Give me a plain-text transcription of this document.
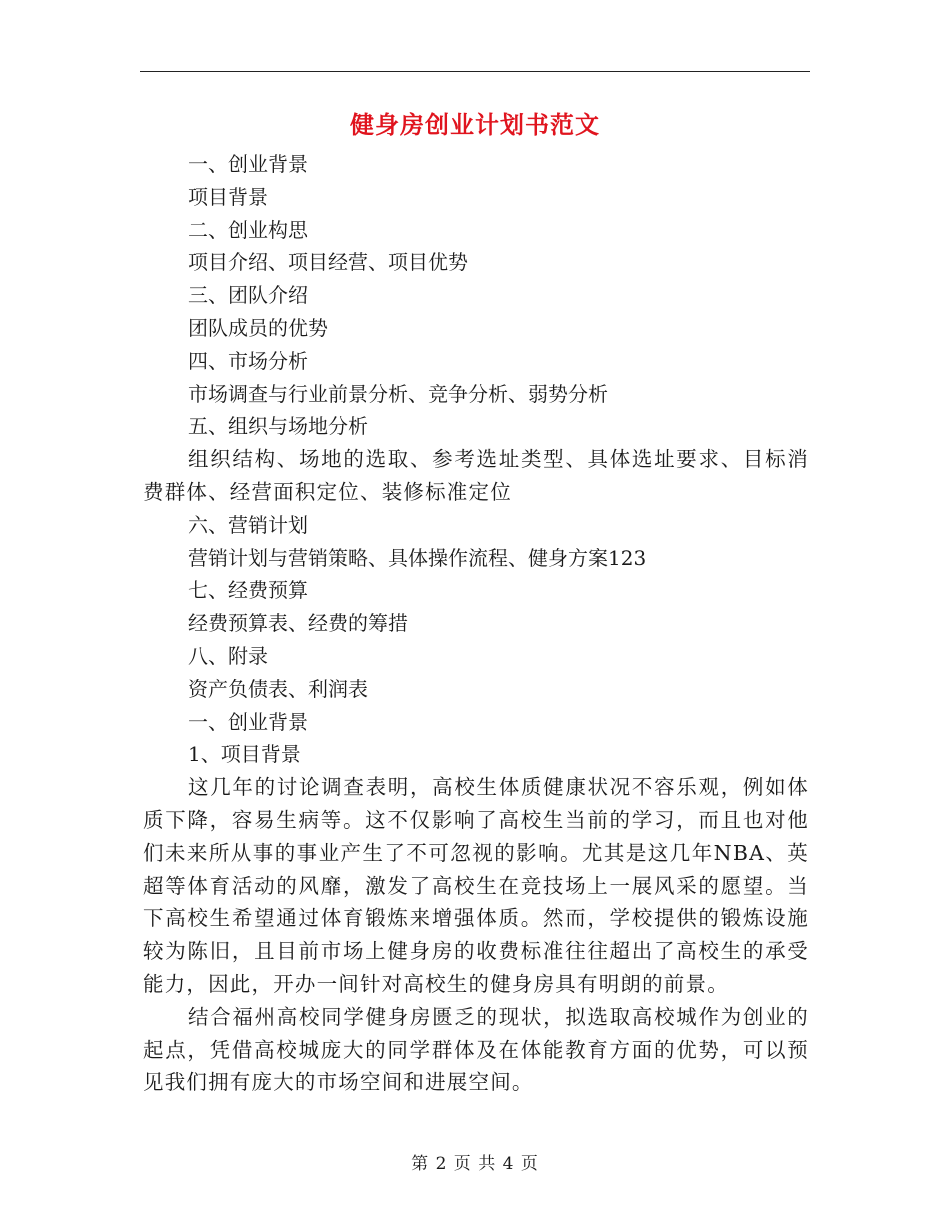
健身房创业计划书范文

一、创业背景

项目背景

二、创业构思

项目介绍、项目经营、项目优势

三、团队介绍

团队成员的优势

四、市场分析

市场调查与行业前景分析、竞争分析、弱势分析

五、组织与场地分析

组织结构、场地的选取、参考选址类型、具体选址要求、目标消费群体、经营面积定位、装修标准定位

六、营销计划

营销计划与营销策略、具体操作流程、健身方案123

七、经费预算

经费预算表、经费的筹措

八、附录

资产负债表、利润表

一、创业背景

1、项目背景

这几年的讨论调查表明，高校生体质健康状况不容乐观，例如体质下降，容易生病等。这不仅影响了高校生当前的学习，而且也对他们未来所从事的事业产生了不可忽视的影响。尤其是这几年NBA、英超等体育活动的风靡，激发了高校生在竞技场上一展风采的愿望。当下高校生希望通过体育锻炼来增强体质。然而，学校提供的锻炼设施较为陈旧，且目前市场上健身房的收费标准往往超出了高校生的承受能力，因此，开办一间针对高校生的健身房具有明朗的前景。

结合福州高校同学健身房匮乏的现状，拟选取高校城作为创业的起点，凭借高校城庞大的同学群体及在体能教育方面的优势，可以预见我们拥有庞大的市场空间和进展空间。

第 2 页 共 4 页
